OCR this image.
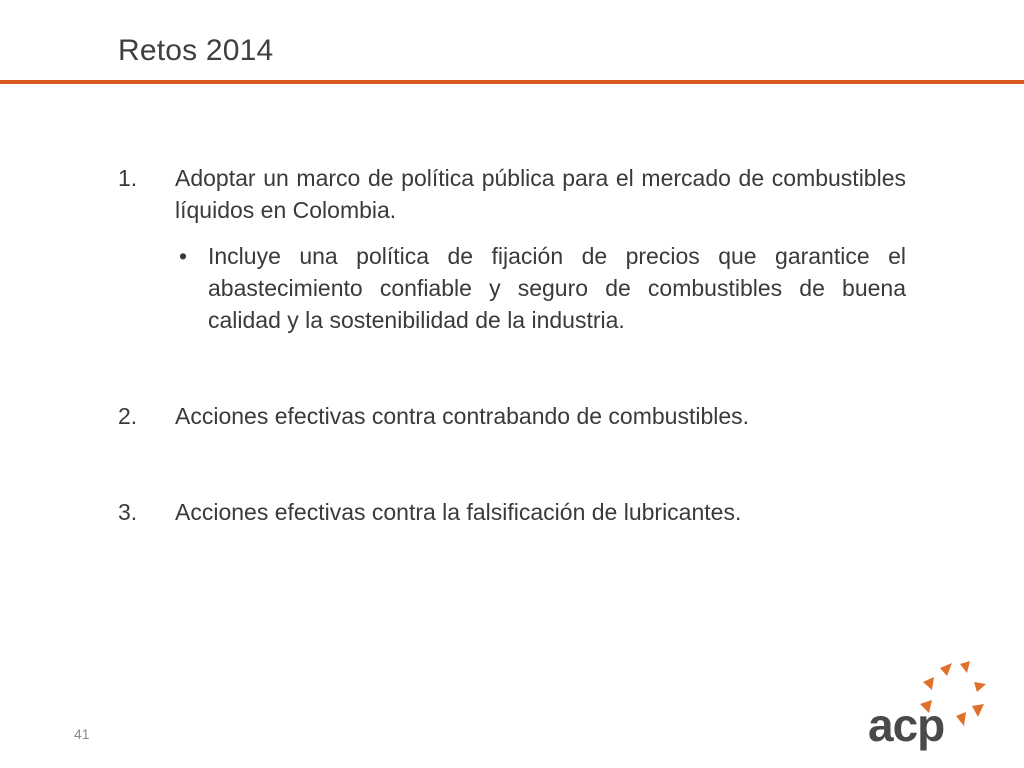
Retos 2014
1.	Adoptar un marco de política pública para el mercado de combustibles líquidos en Colombia.
• Incluye una política de fijación de precios que garantice el abastecimiento confiable y seguro de combustibles de buena calidad y la sostenibilidad de la industria.
2.	Acciones efectivas contra contrabando de combustibles.
3.	Acciones efectivas contra la falsificación de lubricantes.
41	acp
